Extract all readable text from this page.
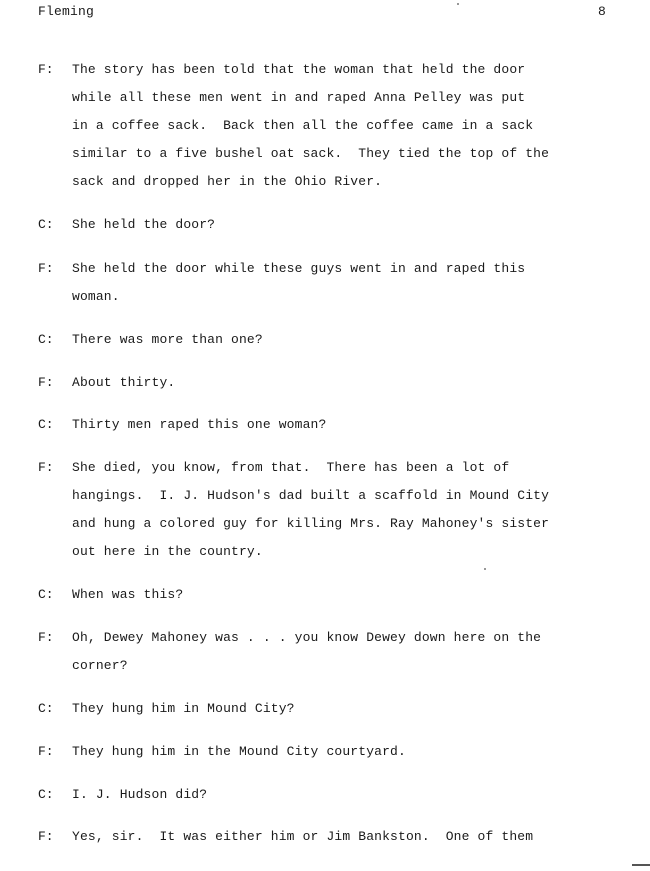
Fleming	8
F: The story has been told that the woman that held the door
while all these men went in and raped Anna Pelley was put
in a coffee sack.  Back then all the coffee came in a sack
similar to a five bushel oat sack.  They tied the top of the
sack and dropped her in the Ohio River.
C: She held the door?
F: She held the door while these guys went in and raped this
woman.
C: There was more than one?
F: About thirty.
C: Thirty men raped this one woman?
F: She died, you know, from that.  There has been a lot of
hangings.  I. J. Hudson's dad built a scaffold in Mound City
and hung a colored guy for killing Mrs. Ray Mahoney's sister
out here in the country.
C: When was this?
F: Oh, Dewey Mahoney was . . . you know Dewey down here on the
corner?
C: They hung him in Mound City?
F: They hung him in the Mound City courtyard.
C: I. J. Hudson did?
F: Yes, sir.  It was either him or Jim Bankston.  One of them
